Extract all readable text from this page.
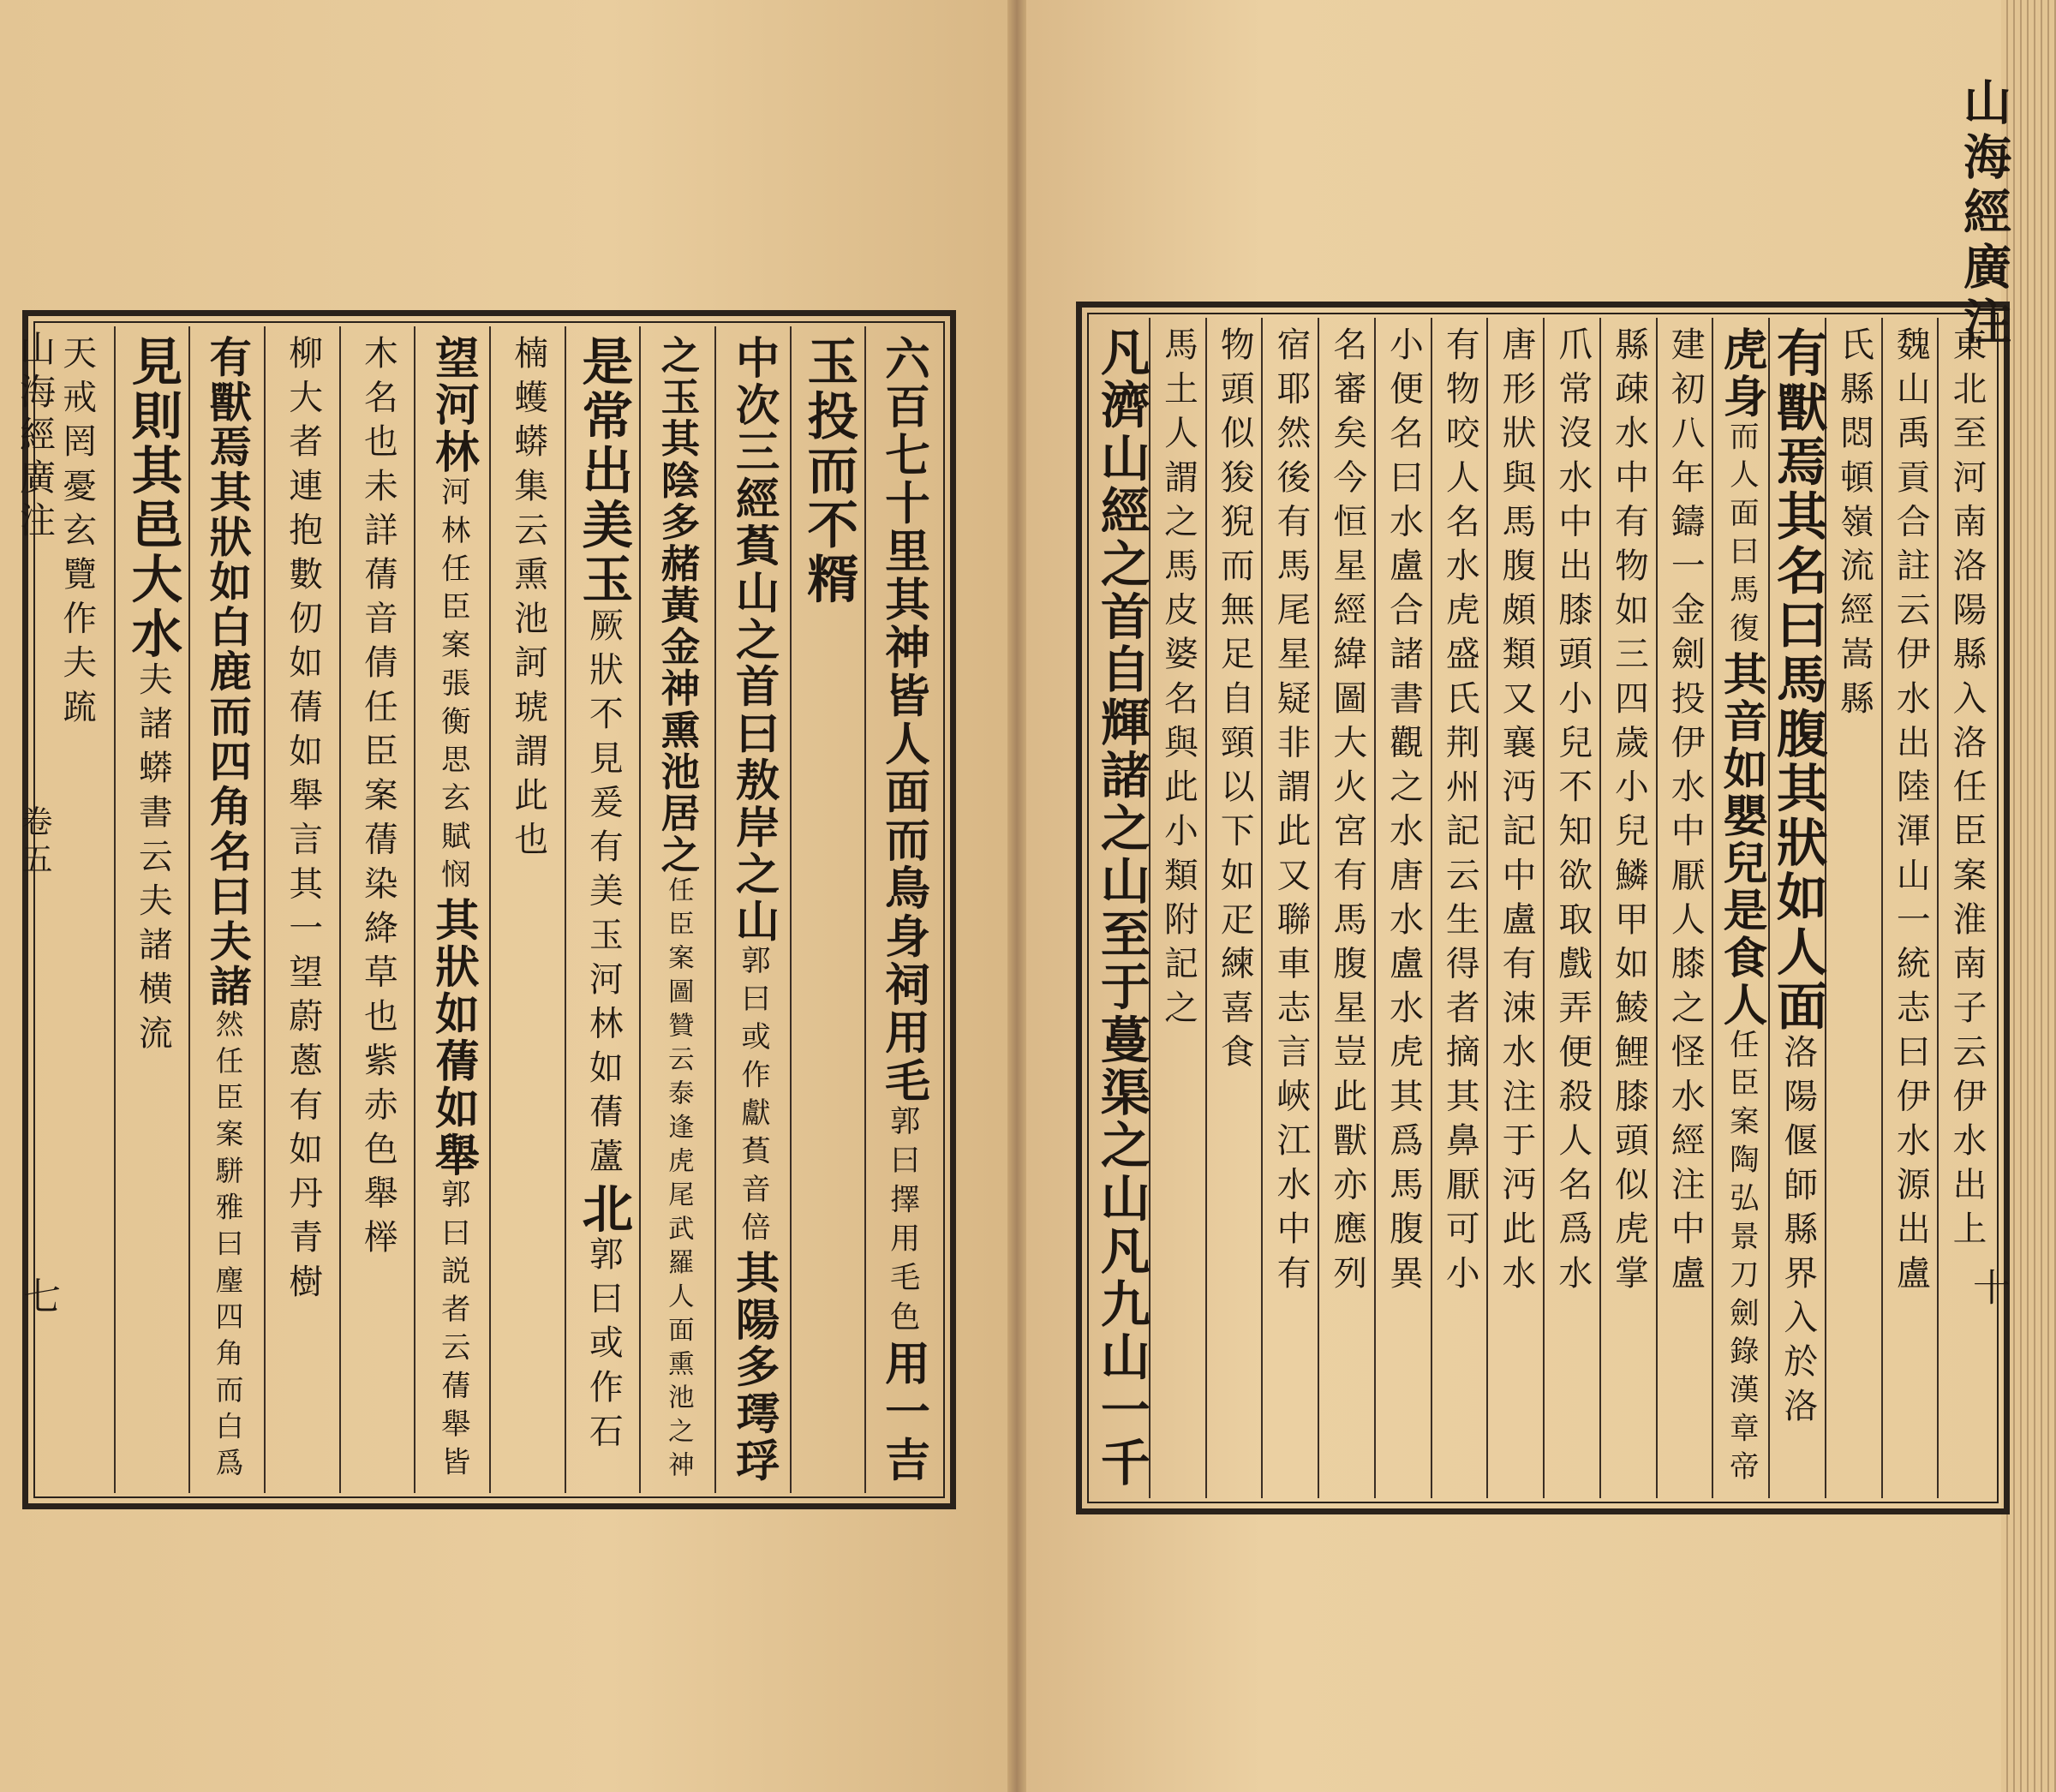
六百七十里其神皆人面而鳥身祠用毛
郭曰擇用毛色
用一吉
玉投而不糈
中次三經萯山之首曰敖岸之山
郭曰或作獻萯音倍
其陽多㻬琈
之玉其陰多赭黃金神熏池居之
任臣案圖贊云泰逢虎尾武羅人面熏池之神
是常出美玉
厥狀不見爰有美玉河林如蒨蘆
北
郭曰或作石
楠蠖蟒集云熏池訶琥謂此也
望河林
河林任臣案張衡思玄賦悯
其狀如蒨如舉
郭曰説者云蒨舉皆
木名也未詳蒨音倩任臣案蒨染絳草也紫赤色舉榉
柳大者連抱數仞如蒨如舉言其一望蔚蔥有如丹青樹
有獸焉其狀如白鹿而四角名曰夫諸
然
任臣案駢雅曰麈四角而白爲
見則其邑大水
夫諸蟒書云夫諸横流
天戒罔憂玄覽作夫䟽
山海經廣注
卷五
七
東北至河南洛陽縣入洛任臣案淮南子云伊水出上
魏山禹貢合註云伊水出陸渾山一統志曰伊水源出盧
氏縣悶頓嶺流經嵩縣
有獸焉其名曰馬腹其狀如人面
洛陽偃師縣界入於洛
虎身
而人面曰馬復
其音如嬰兒是食人
任臣案陶弘景刀劍錄漢章帝
建初八年鑄一金劍投伊水中厭人膝之怪水經注中盧
縣疎水中有物如三四歲小兒鱗甲如鯪鯉膝頭似虎掌
爪常沒水中出膝頭小兒不知欲取戲弄便殺人名爲水
唐形狀與馬腹頗類又襄沔記中盧有涑水注于沔此水
有物咬人名水虎盛氏荆州記云生得者摘其鼻厭可小
小便名曰水盧合諸書觀之水唐水盧水虎其爲馬腹異
名審矣今恒星經緯圖大火宮有馬腹星豈此獸亦應列
宿耶然後有馬尾星疑非謂此又聯車志言峽江水中有
物頭似狻猊而無足自頸以下如疋練喜食
馬土人謂之馬皮婆名與此小類附記之
凡濟山經之首自輝諸之山至于蔓渠之山凡九山一千
山海經廣注
十
